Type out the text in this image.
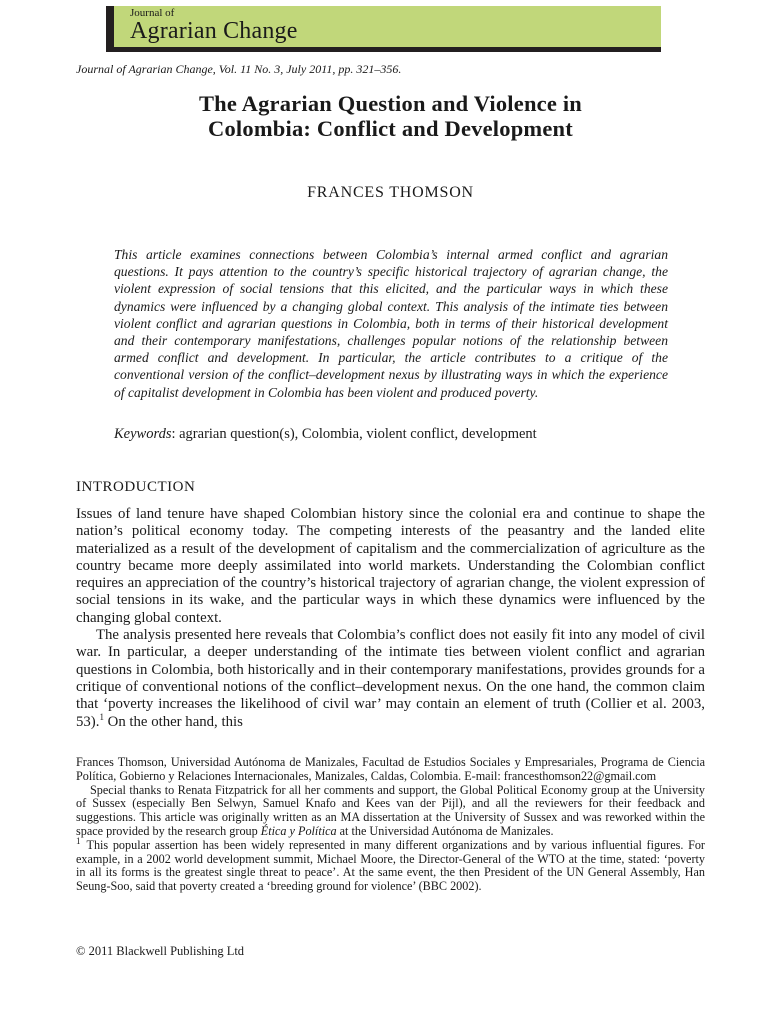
Journal of
Agrarian Change
Journal of Agrarian Change, Vol. 11 No. 3, July 2011, pp. 321–356.
The Agrarian Question and Violence in
Colombia: Conflict and Development
FRANCES THOMSON
This article examines connections between Colombia’s internal armed conflict and agrarian questions. It pays attention to the country’s specific historical trajectory of agrarian change, the violent expression of social tensions that this elicited, and the particular ways in which these dynamics were influenced by a changing global context. This analysis of the intimate ties between violent conflict and agrarian questions in Colombia, both in terms of their historical development and their contemporary manifestations, challenges popular notions of the relationship between armed conflict and development. In particular, the article contributes to a critique of the conventional version of the conflict–development nexus by illustrating ways in which the experience of capitalist development in Colombia has been violent and produced poverty.
Keywords: agrarian question(s), Colombia, violent conflict, development
INTRODUCTION

Issues of land tenure have shaped Colombian history since the colonial era and continue to shape the nation’s political economy today. The competing interests of the peasantry and the landed elite materialized as a result of the development of capitalism and the commercialization of agriculture as the country became more deeply assimilated into world markets. Understanding the Colombian conflict requires an appreciation of the country’s historical trajectory of agrarian change, the violent expression of social tensions in its wake, and the particular ways in which these dynamics were influenced by the changing global context.

The analysis presented here reveals that Colombia’s conflict does not easily fit into any model of civil war. In particular, a deeper understanding of the intimate ties between violent conflict and agrarian questions in Colombia, both historically and in their contemporary manifestations, provides grounds for a critique of conventional notions of the conflict–development nexus. On the one hand, the common claim that ‘poverty increases the likelihood of civil war’ may contain an element of truth (Collier et al. 2003, 53).$^1$ On the other hand, this

Frances Thomson, Universidad Autónoma de Manizales, Facultad de Estudios Sociales y Empresariales, Programa de Ciencia Política, Gobierno y Relaciones Internacionales, Manizales, Caldas, Colombia. E-mail: francesthomson22@gmail.com

Special thanks to Renata Fitzpatrick for all her comments and support, the Global Political Economy group at the University of Sussex (especially Ben Selwyn, Samuel Knafo and Kees van der Pijl), and all the reviewers for their feedback and suggestions. This article was originally written as an MA dissertation at the University of Sussex and was reworked within the space provided by the research group Ética y Política at the Universidad Autónoma de Manizales.

$^1$ This popular assertion has been widely represented in many different organizations and by various influential figures. For example, in a 2002 world development summit, Michael Moore, the Director-General of the WTO at the time, stated: ‘poverty in all its forms is the greatest single threat to peace’. At the same event, the then President of the UN General Assembly, Han Seung-Soo, said that poverty created a ‘breeding ground for violence’ (BBC 2002).

© 2011 Blackwell Publishing Ltd
